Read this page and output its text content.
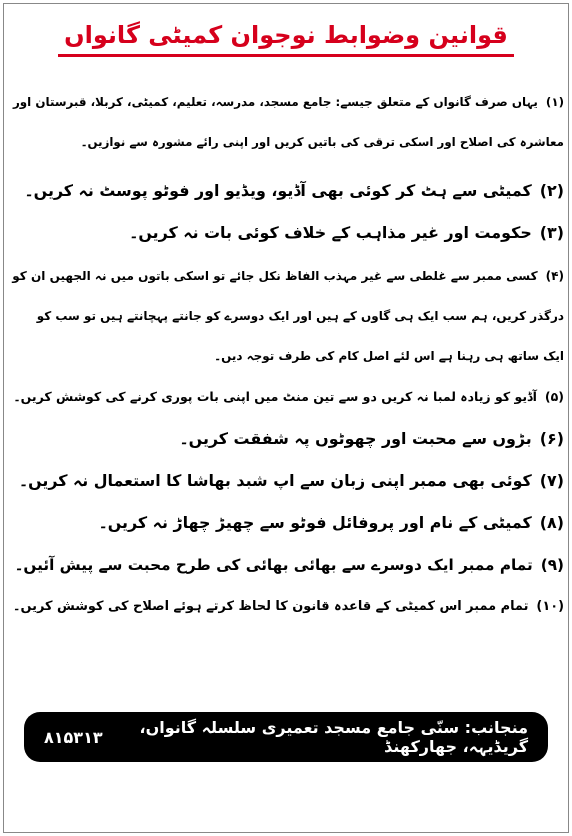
قوانین وضوابط نوجوان کمیٹی گانواں
(۱)یہاں صرف گانواں کے متعلق جیسے: جامع مسجد، مدرسہ، تعلیم، کمیٹی، کربلا، قبرستان اور
معاشرہ کی اصلاح اور اسکی ترقی کی باتیں کریں اور اپنی رائے مشورہ سے نوازیں۔
(۲)کمیٹی سے ہٹ کر کوئی بھی آڈیو، ویڈیو اور فوٹو پوسٹ نہ کریں۔
(۳)حکومت اور غیر مذاہب کے خلاف کوئی بات نہ کریں۔
(۴)کسی ممبر سے غلطی سے غیر مہذب الفاظ نکل جائے تو اسکی باتوں میں نہ الجھیں ان کو
درگذر کریں، ہم سب ایک ہی گاوں کے ہیں اور ایک دوسرے کو جانتے پہچانتے ہیں تو سب کو
ایک ساتھ ہی رہنا ہے اس لئے اصل کام کی طرف توجہ دیں۔
(۵)آڈیو کو زیادہ لمبا نہ کریں دو سے تین منٹ میں اپنی بات پوری کرنے کی کوشش کریں۔
(۶)بڑوں سے محبت اور چھوٹوں پہ شفقت کریں۔
(۷)کوئی بھی ممبر اپنی زبان سے اپ شبد بھاشا کا استعمال نہ کریں۔
(۸)کمیٹی کے نام اور پروفائل فوٹو سے چھیڑ چھاڑ نہ کریں۔
(۹)تمام ممبر ایک دوسرے سے بھائی بھائی کی طرح محبت سے پیش آئیں۔
(۱۰)تمام ممبر اس کمیٹی کے قاعدہ قانون کا لحاظ کرتے ہوئے اصلاح کی کوشش کریں۔
منجانب: سنّی جامع مسجد تعمیری سلسلہ گانواں، گریڈیہہ، جھارکھنڈ
۸۱۵۳۱۳
